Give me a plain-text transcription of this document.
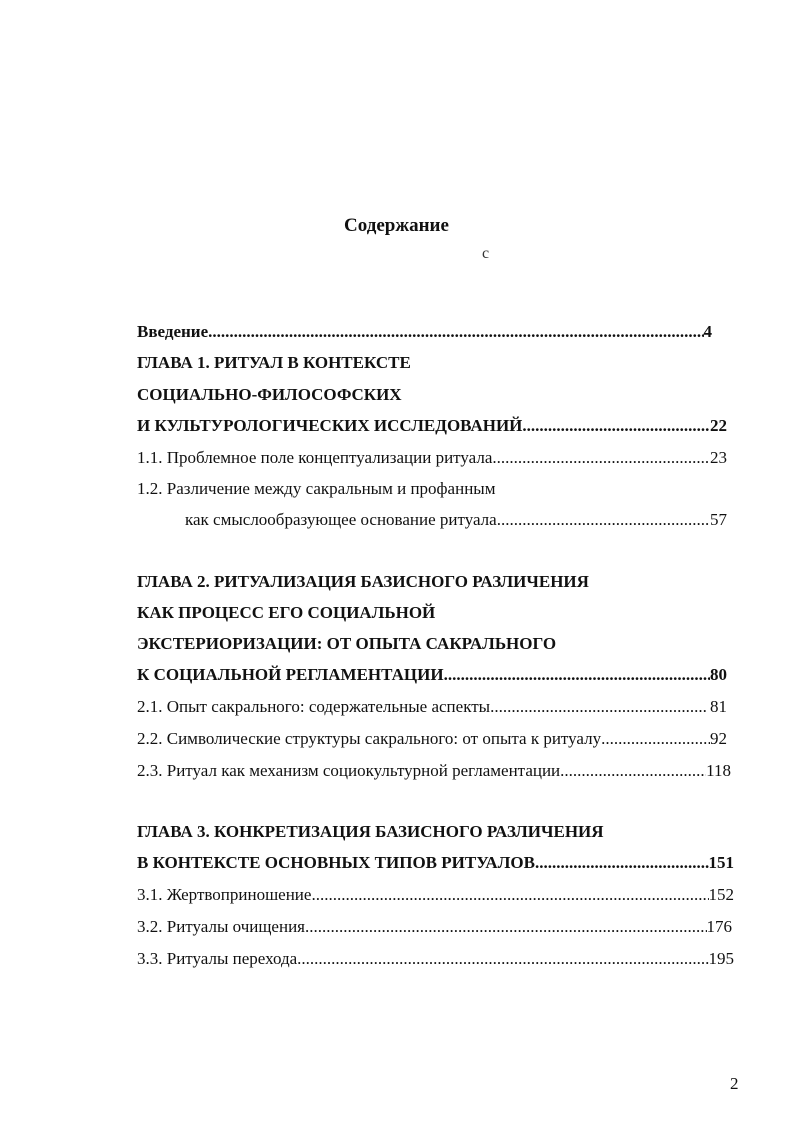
Содержание
с
Введение .....	4
ГЛАВА 1. РИТУАЛ В КОНТЕКСТЕ
СОЦИАЛЬНО-ФИЛОСОФСКИХ
И КУЛЬТУРОЛОГИЧЕСКИХ ИССЛЕДОВАНИЙ .....	22
1.1. Проблемное поле концептуализации ритуала .....	23
1.2. Различение между сакральным и профанным
как смыслообразующее основание ритуала .....	57
ГЛАВА 2. РИТУАЛИЗАЦИЯ БАЗИСНОГО РАЗЛИЧЕНИЯ
КАК ПРОЦЕСС ЕГО СОЦИАЛЬНОЙ
ЭКСТЕРИОРИЗАЦИИ: ОТ ОПЫТА САКРАЛЬНОГО
К СОЦИАЛЬНОЙ РЕГЛАМЕНТАЦИИ .....	80
2.1. Опыт сакрального: содержательные аспекты .....	81
2.2. Символические структуры сакрального: от опыта к ритуалу .....	92
2.3. Ритуал как механизм социокультурной регламентации .....	118
ГЛАВА 3. КОНКРЕТИЗАЦИЯ БАЗИСНОГО РАЗЛИЧЕНИЯ
В КОНТЕКСТЕ ОСНОВНЫХ ТИПОВ РИТУАЛОВ .....	151
3.1. Жертвоприношение .....	152
3.2. Ритуалы очищения .....	176
3.3. Ритуалы перехода .....	195
2
